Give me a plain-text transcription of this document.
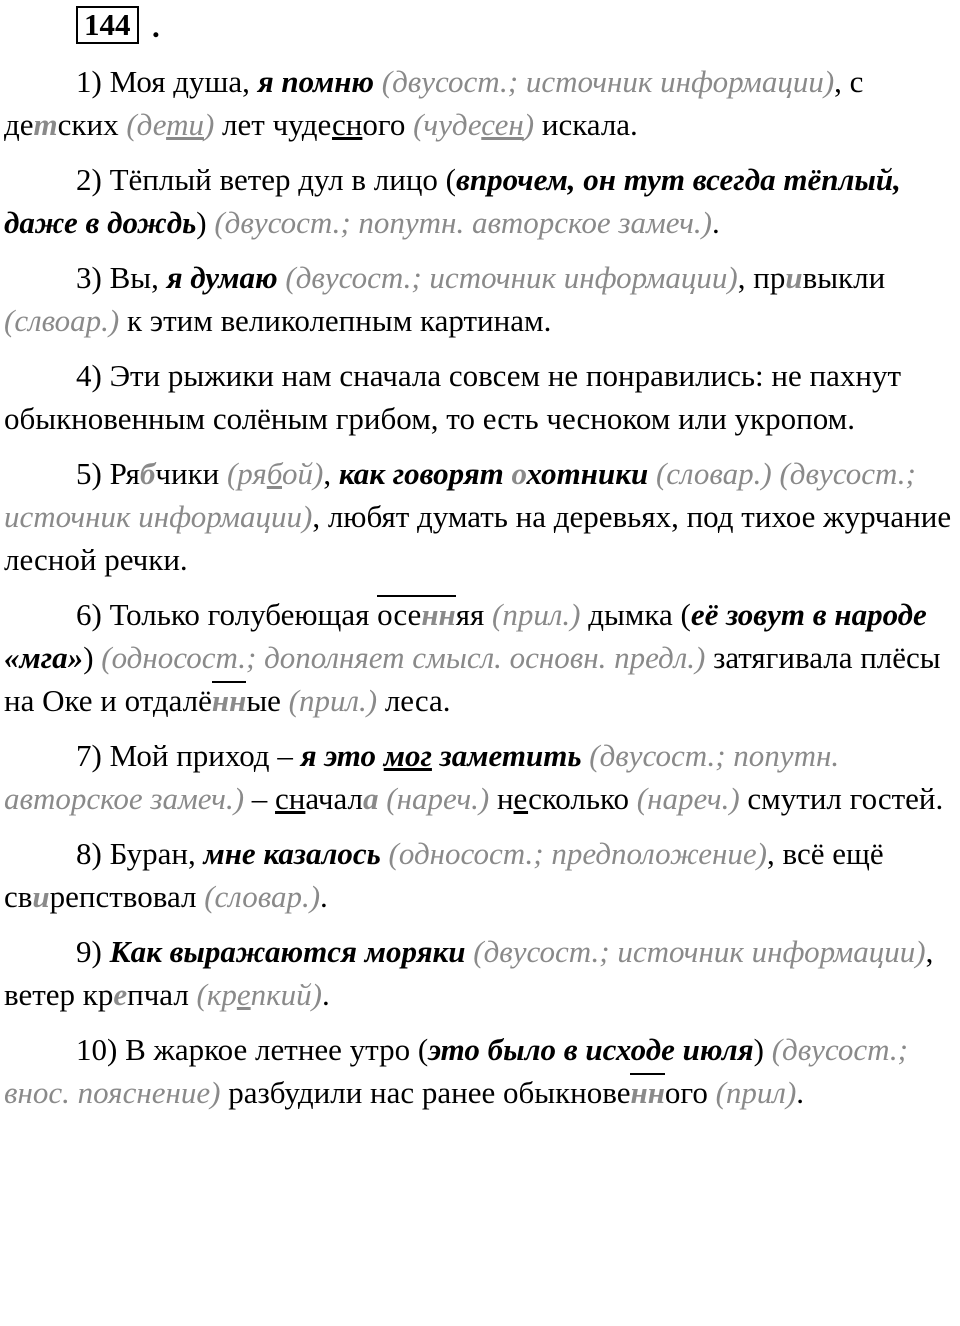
144 .

1) Моя душа, я помню (двусост.; источник информации), с детских (дети) лет чудесного (чудесен) искала.

2) Тёплый ветер дул в лицо (впрочем, он тут всегда тёплый, даже в дождь) (двусост.; попутн. авторское замеч.).

3) Вы, я думаю (двусост.; источник информации), привыкли (слвоар.) к этим великолепным картинам.

4) Эти рыжики нам сначала совсем не понравились: не пахнут обыкновенным солёным грибом, то есть чесноком или укропом.

5) Рябчики (рябой), как говорят охотники (словар.) (двусост.; источник информации), любят думать на деревьях, под тихое журчание лесной речки.

6) Только голубеющая осенняя (прил.) дымка (её зовут в народе «мга») (односост.; дополняет смысл. основн. предл.) затягивала плёсы на Оке и отдалённые (прил.) леса.

7) Мой приход – я это мог заметить (двусост.; попутн. авторское замеч.) – сначала (нареч.) несколько (нареч.) смутил гостей.

8) Буран, мне казалось (односост.; предположение), всё ещё свирепствовал (словар.).

9) Как выражаются моряки (двусост.; источник информации), ветер крепчал (крепкий).

10) В жаркое летнее утро (это было в исходе июля) (двусост.; внос. пояснение) разбудили нас ранее обыкновенного (прил).
